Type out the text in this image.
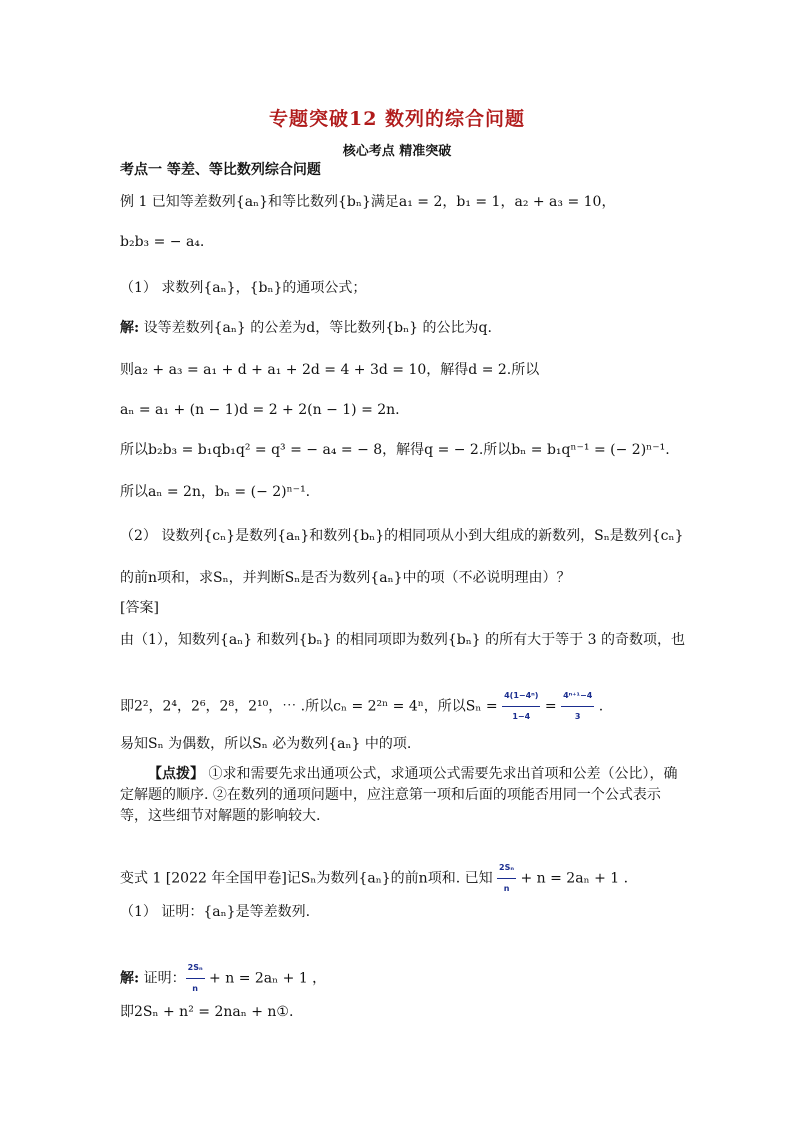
专题突破12 数列的综合问题
核心考点 精准突破
考点一 等差、等比数列综合问题
例 1 已知等差数列{aₙ}和等比数列{bₙ}满足a₁ = 2，b₁ = 1，a₂ + a₃ = 10，
b₂b₃ = − a₄.
（1） 求数列{aₙ}，{bₙ}的通项公式；
解: 设等差数列{aₙ} 的公差为d，等比数列{bₙ} 的公比为q.
则a₂ + a₃ = a₁ + d + a₁ + 2d = 4 + 3d = 10，解得d = 2.所以
aₙ = a₁ + (n − 1)d = 2 + 2(n − 1) = 2n.
所以b₂b₃ = b₁qb₁q² = q³ = − a₄ = − 8，解得q = − 2.所以bₙ = b₁qⁿ⁻¹ = (− 2)ⁿ⁻¹.
所以aₙ = 2n，bₙ = (− 2)ⁿ⁻¹.
（2） 设数列{cₙ}是数列{aₙ}和数列{bₙ}的相同项从小到大组成的新数列，Sₙ是数列{cₙ}
的前n项和，求Sₙ，并判断Sₙ是否为数列{aₙ}中的项（不必说明理由）？
[答案]
由（1），知数列{aₙ} 和数列{bₙ} 的相同项即为数列{bₙ} 的所有大于等于 3 的奇数项，也
即2²，2⁴，2⁶，2⁸，2¹⁰，⋯ .所以cₙ = 2²ⁿ = 4ⁿ，所以$S_n = \frac{\text{4(1−4ⁿ)}}{1-4} = \frac{\text{4ⁿ⁺¹−4}}{3}$ .
易知Sₙ 为偶数，所以Sₙ 必为数列{aₙ} 中的项.
【点拨】 ①求和需要先求出通项公式，求通项公式需要先求出首项和公差（公比），确定解题的顺序. ②在数列的通项问题中，应注意第一项和后面的项能否用同一个公式表示等，这些细节对解题的影响较大.
变式 1 [2022 年全国甲卷]记Sₙ为数列{aₙ}的前n项和. 已知 $\frac{\text{2Sₙ}}{n} + n = 2a_n + 1$ .
（1） 证明：{aₙ}是等差数列.
解: 证明： $\frac{\text{2Sₙ}}{n} + n = 2a_n + 1$ ，
即2Sₙ + n² = 2naₙ + n①.
